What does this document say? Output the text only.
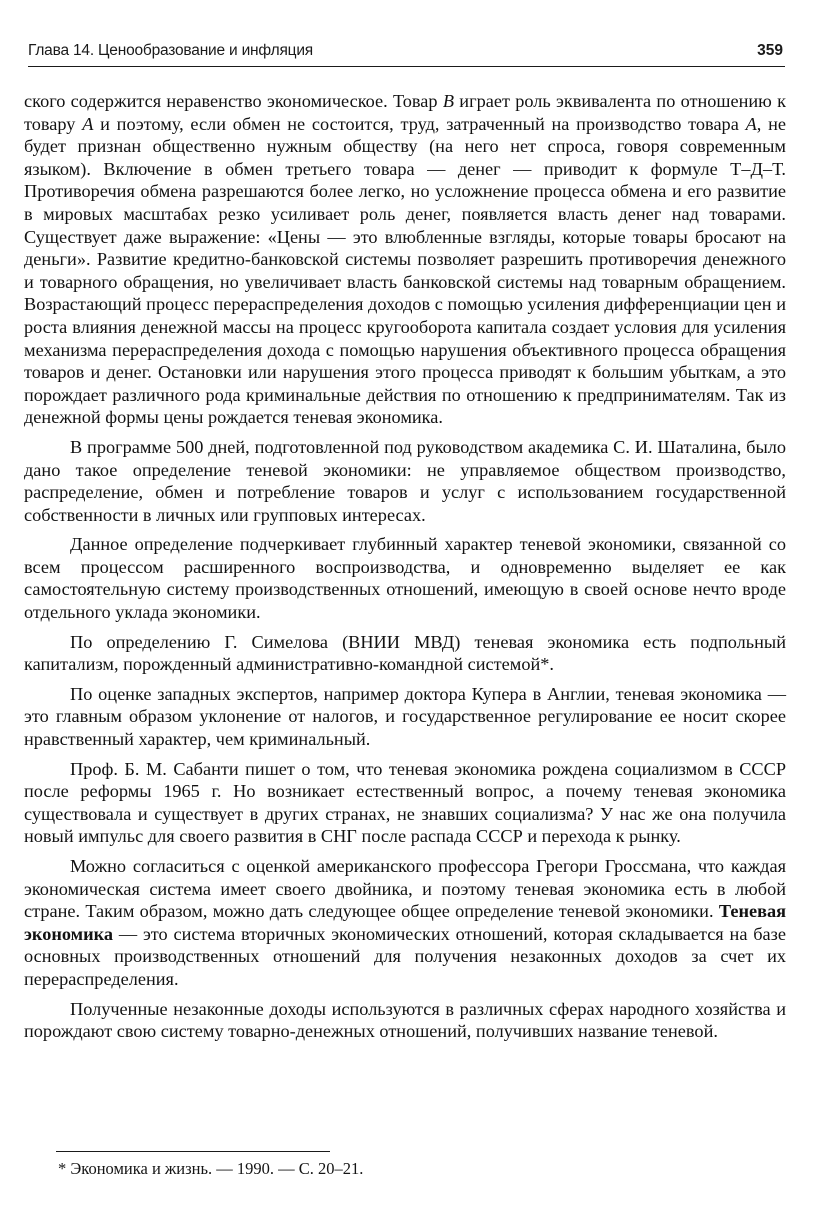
Глава 14. Ценообразование и инфляция	359

ского содержится неравенство экономическое. Товар В играет роль эквивалента по отношению к товару А и поэтому, если обмен не состоится, труд, затраченный на производство товара А, не будет признан общественно нужным обществу (на него нет спроса, говоря современным языком). Включение в обмен третьего товара — денег — приводит к формуле Т–Д–Т. Противоречия обмена разрешаются более легко, но усложнение процесса обмена и его развитие в мировых масштабах резко усиливает роль денег, появляется власть денег над товарами. Существует даже выражение: «Цены — это влюбленные взгляды, которые товары бросают на деньги». Развитие кредитно-банковской системы позволяет разрешить противоречия денежного и товарного обращения, но увеличивает власть банковской системы над товарным обращением. Возрастающий процесс перераспределения доходов с помощью усиления дифференциации цен и роста влияния денежной массы на процесс кругооборота капитала создает условия для усиления механизма перераспределения дохода с помощью нарушения объективного процесса обращения товаров и денег. Остановки или нарушения этого процесса приводят к большим убыткам, а это порождает различного рода криминальные действия по отношению к предпринимателям. Так из денежной формы цены рождается теневая экономика.

В программе 500 дней, подготовленной под руководством академика С. И. Шаталина, было дано такое определение теневой экономики: не управляемое обществом производство, распределение, обмен и потребление товаров и услуг с использованием государственной собственности в личных или групповых интересах.

Данное определение подчеркивает глубинный характер теневой экономики, связанной со всем процессом расширенного воспроизводства, и одновременно выделяет ее как самостоятельную систему производственных отношений, имеющую в своей основе нечто вроде отдельного уклада экономики.

По определению Г. Симелова (ВНИИ МВД) теневая экономика есть подпольный капитализм, порожденный административно-командной системой*.

По оценке западных экспертов, например доктора Купера в Англии, теневая экономика — это главным образом уклонение от налогов, и государственное регулирование ее носит скорее нравственный характер, чем криминальный.

Проф. Б. М. Сабанти пишет о том, что теневая экономика рождена социализмом в СССР после реформы 1965 г. Но возникает естественный вопрос, а почему теневая экономика существовала и существует в других странах, не знавших социализма? У нас же она получила новый импульс для своего развития в СНГ после распада СССР и перехода к рынку.

Можно согласиться с оценкой американского профессора Грегори Гроссмана, что каждая экономическая система имеет своего двойника, и поэтому теневая экономика есть в любой стране. Таким образом, можно дать следующее общее определение теневой экономики. Теневая экономика — это система вторичных экономических отношений, которая складывается на базе основных производственных отношений для получения незаконных доходов за счет их перераспределения.

Полученные незаконные доходы используются в различных сферах народного хозяйства и порождают свою систему товарно-денежных отношений, получивших название теневой.

* Экономика и жизнь. — 1990. — С. 20–21.
